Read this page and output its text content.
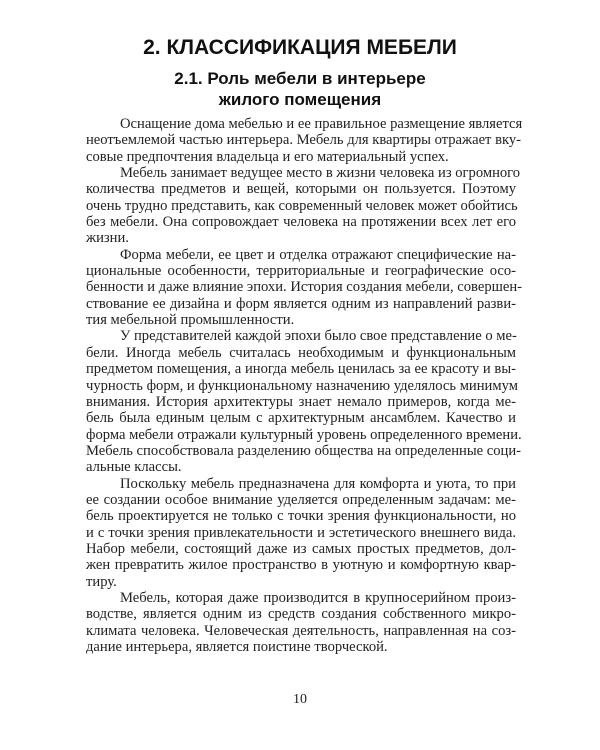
2. КЛАССИФИКАЦИЯ МЕБЕЛИ
2.1. Роль мебели в интерьере
жилого помещения
Оснащение дома мебелью и ее правильное размещение является
неотъемлемой частью интерьера. Мебель для квартиры отражает вку-
совые предпочтения владельца и его материальный успех.
Мебель занимает ведущее место в жизни человека из огромного
количества предметов и вещей, которыми он пользуется. Поэтому
очень трудно представить, как современный человек может обойтись
без мебели. Она сопровождает человека на протяжении всех лет его
жизни.
Форма мебели, ее цвет и отделка отражают специфические на-
циональные особенности, территориальные и географические осо-
бенности и даже влияние эпохи. История создания мебели, совершен-
ствование ее дизайна и форм является одним из направлений разви-
тия мебельной промышленности.
У представителей каждой эпохи было свое представление о ме-
бели. Иногда мебель считалась необходимым и функциональным
предметом помещения, а иногда мебель ценилась за ее красоту и вы-
чурность форм, и функциональному назначению уделялось минимум
внимания. История архитектуры знает немало примеров, когда ме-
бель была единым целым с архитектурным ансамблем. Качество и
форма мебели отражали культурный уровень определенного времени.
Мебель способствовала разделению общества на определенные соци-
альные классы.
Поскольку мебель предназначена для комфорта и уюта, то при
ее создании особое внимание уделяется определенным задачам: ме-
бель проектируется не только с точки зрения функциональности, но
и с точки зрения привлекательности и эстетического внешнего вида.
Набор мебели, состоящий даже из самых простых предметов, дол-
жен превратить жилое пространство в уютную и комфортную квар-
тиру.
Мебель, которая даже производится в крупносерийном произ-
водстве, является одним из средств создания собственного микро-
климата человека. Человеческая деятельность, направленная на соз-
дание интерьера, является поистине творческой.
10
